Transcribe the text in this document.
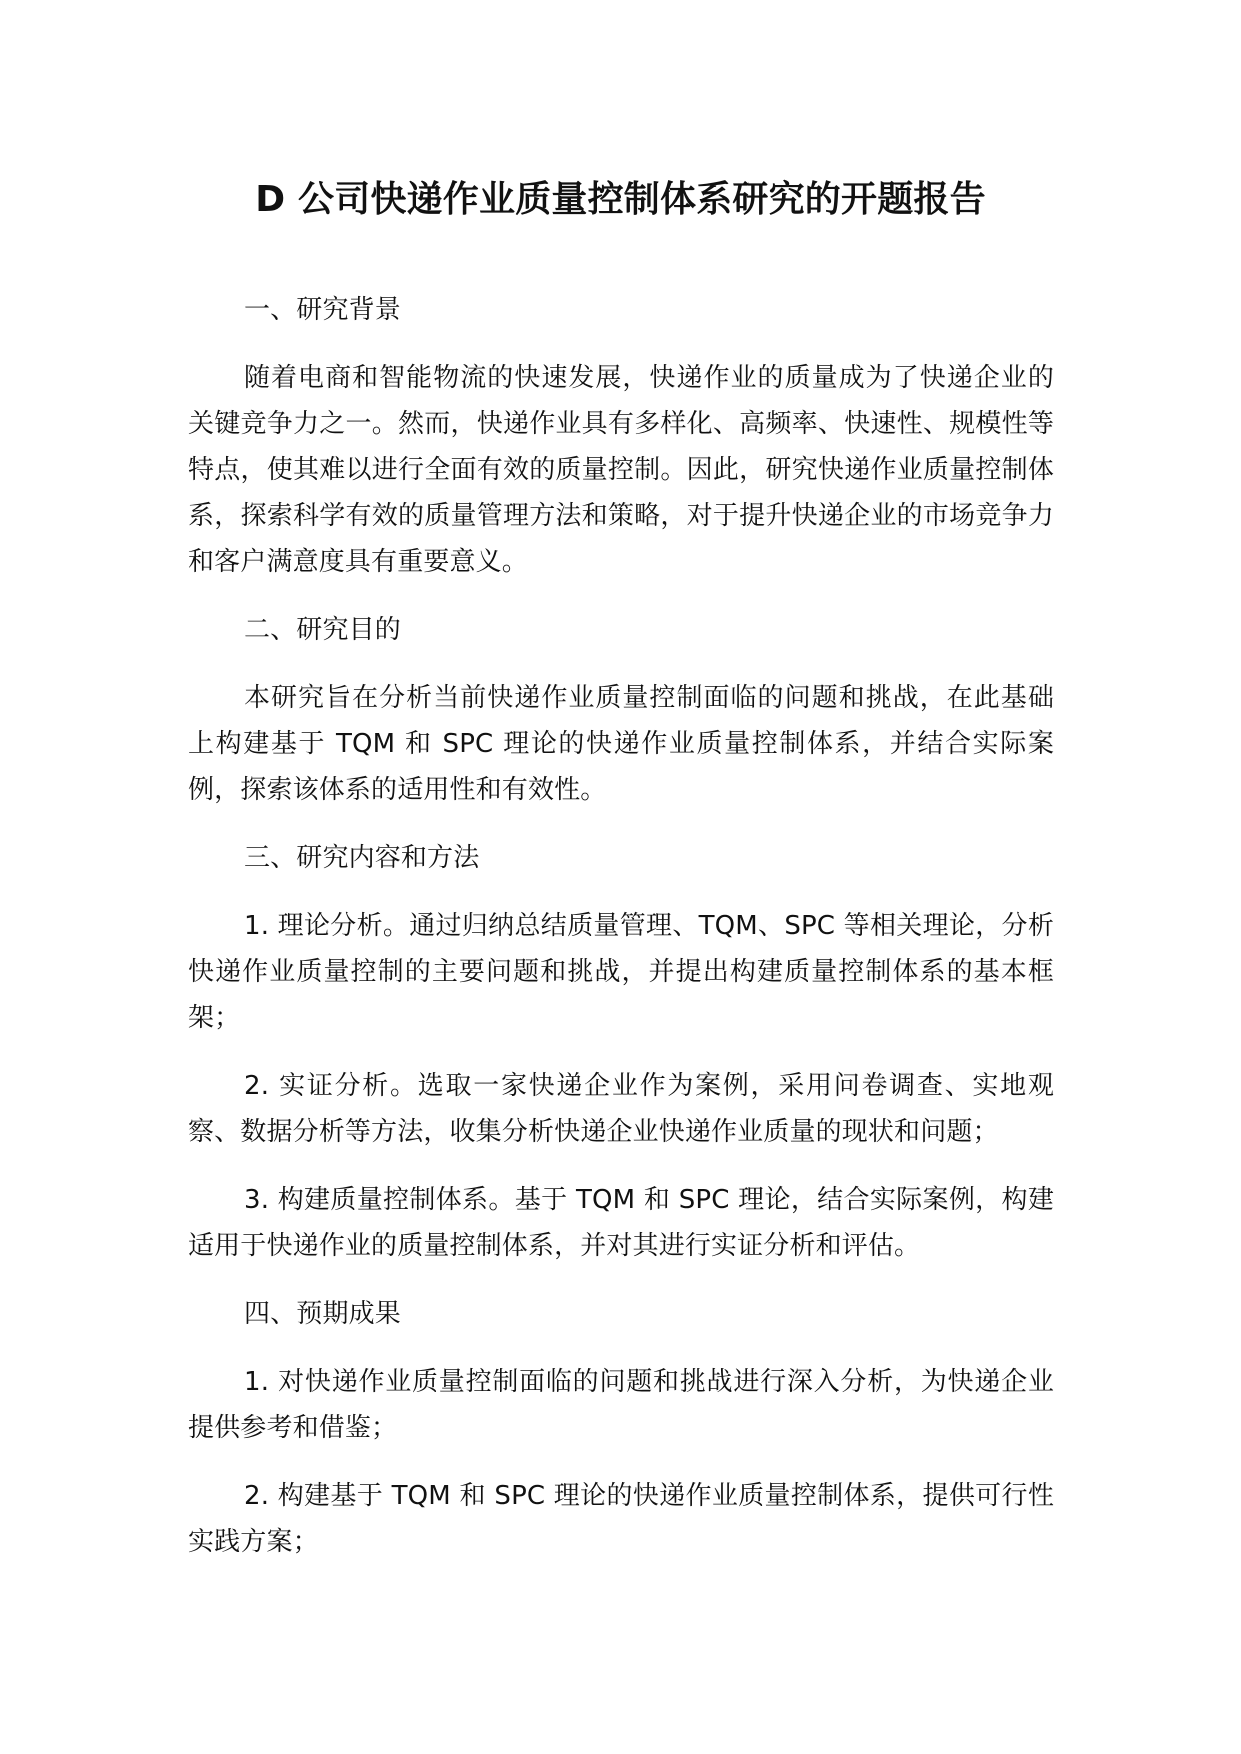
D 公司快递作业质量控制体系研究的开题报告
一、研究背景

随着电商和智能物流的快速发展，快递作业的质量成为了快递企业的关键竞争力之一。然而，快递作业具有多样化、高频率、快速性、规模性等特点，使其难以进行全面有效的质量控制。因此，研究快递作业质量控制体系，探索科学有效的质量管理方法和策略，对于提升快递企业的市场竞争力和客户满意度具有重要意义。

二、研究目的

本研究旨在分析当前快递作业质量控制面临的问题和挑战，在此基础上构建基于 TQM 和 SPC 理论的快递作业质量控制体系，并结合实际案例，探索该体系的适用性和有效性。

三、研究内容和方法

1. 理论分析。通过归纳总结质量管理、TQM、SPC 等相关理论，分析快递作业质量控制的主要问题和挑战，并提出构建质量控制体系的基本框架；

2. 实证分析。选取一家快递企业作为案例，采用问卷调查、实地观察、数据分析等方法，收集分析快递企业快递作业质量的现状和问题；

3. 构建质量控制体系。基于 TQM 和 SPC 理论，结合实际案例，构建适用于快递作业的质量控制体系，并对其进行实证分析和评估。

四、预期成果

1. 对快递作业质量控制面临的问题和挑战进行深入分析，为快递企业提供参考和借鉴；

2. 构建基于 TQM 和 SPC 理论的快递作业质量控制体系，提供可行性实践方案；
